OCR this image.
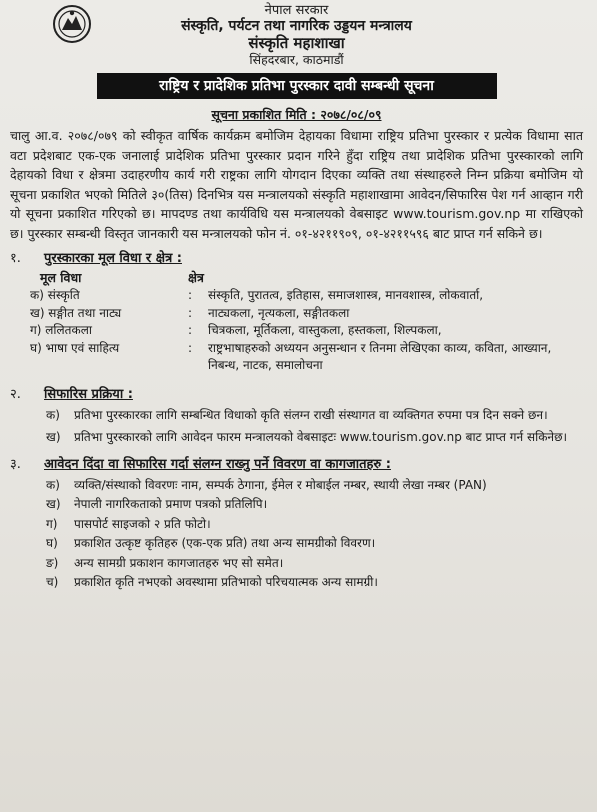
नेपाल सरकार
संस्कृति, पर्यटन तथा नागरिक उड्डयन मन्त्रालय
संस्कृति महाशाखा
सिंहदरबार, काठमाडौं
राष्ट्रिय र प्रादेशिक प्रतिभा पुरस्कार दावी सम्बन्धी सूचना
सूचना प्रकाशित मिति : २०७८/०८/०९

चालु आ.व. २०७८/०७९ को स्वीकृत वार्षिक कार्यक्रम बमोजिम देहायका विधामा राष्ट्रिय प्रतिभा पुरस्कार र प्रत्येक विधामा सात वटा प्रदेशबाट एक-एक जनालाई प्रादेशिक प्रतिभा पुरस्कार प्रदान गरिने हुँदा राष्ट्रिय तथा प्रादेशिक प्रतिभा पुरस्कारको लागि देहायको विधा र क्षेत्रमा उदाहरणीय कार्य गरी राष्ट्रका लागि योगदान दिएका व्यक्ति तथा संस्थाहरुले निम्न प्रक्रिया बमोजिम यो सूचना प्रकाशित भएको मितिले ३०(तिस) दिनभित्र यस मन्त्रालयको संस्कृति महाशाखामा आवेदन/सिफारिस पेश गर्न आव्हान गरी यो सूचना प्रकाशित गरिएको छ। मापदण्ड तथा कार्यविधि यस मन्त्रालयको वेबसाइट www.tourism.gov.np मा राखिएको छ। पुरस्कार सम्बन्धी विस्तृत जानकारी यस मन्त्रालयको फोन नं. ०१-४२११९०९, ०१-४२११५९६ बाट प्राप्त गर्न सकिने छ।

१.	पुरस्कारका मूल विधा र क्षेत्र :
मूल विधा	क्षेत्र
क) संस्कृति	:	संस्कृति, पुरातत्व, इतिहास, समाजशास्त्र, मानवशास्त्र, लोकवार्ता,
ख) सङ्गीत तथा नाट्य	:	नाट्यकला, नृत्यकला, सङ्गीतकला
ग) ललितकला	:	चित्रकला, मूर्तिकला, वास्तुकला, हस्तकला, शिल्पकला,
घ) भाषा एवं साहित्य	:	राष्ट्रभाषाहरुको अध्ययन अनुसन्धान र तिनमा लेखिएका काव्य, कविता, आख्यान, निबन्ध, नाटक, समालोचना
२.	सिफारिस प्रक्रिया :
क)	प्रतिभा पुरस्कारका लागि सम्बन्धित विधाको कृति संलग्न राखी संस्थागत वा व्यक्तिगत रुपमा पत्र दिन सक्ने छन।
ख)	प्रतिभा पुरस्कारको लागि आवेदन फारम मन्त्रालयको वेबसाइटः www.tourism.gov.np बाट प्राप्त गर्न सकिनेछ।
३.	आवेदन दिंदा वा सिफारिस गर्दा संलग्न राख्नु पर्ने विवरण वा कागजातहरु :
क)	व्यक्ति/संस्थाको विवरणः नाम, सम्पर्क ठेगाना, ईमेल र मोबाईल नम्बर, स्थायी लेखा नम्बर (PAN)
ख)	नेपाली नागरिकताको प्रमाण पत्रको प्रतिलिपि।
ग)	पासपोर्ट साइजको २ प्रति फोटो।
घ)	प्रकाशित उत्कृष्ट कृतिहरु (एक-एक प्रति) तथा अन्य सामग्रीको विवरण।
ङ)	अन्य सामग्री प्रकाशन कागजातहरु भए सो समेत।
च)	प्रकाशित कृति नभएको अवस्थामा प्रतिभाको परिचयात्मक अन्य सामग्री।
